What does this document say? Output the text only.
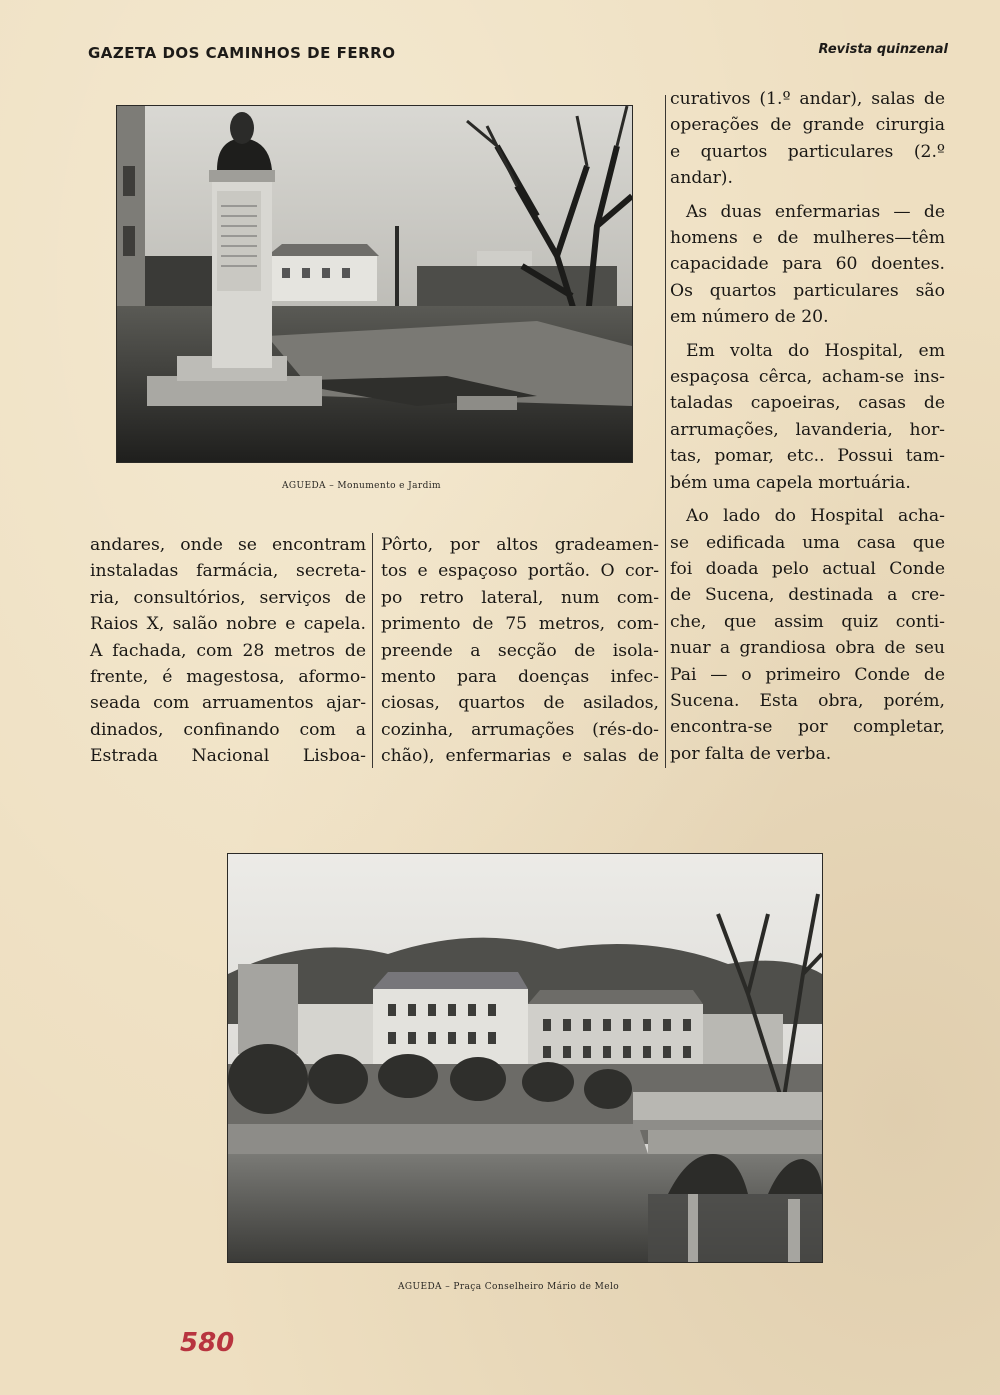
GAZETA DOS CAMINHOS DE FERRO	Revista quinzenal
AGUEDA – Monumento e Jardim
andares, onde se encontram
instaladas farmácia, secreta-
ria, consultórios, serviços de
Raios X, salão nobre e capela.
A fachada, com 28 metros de
frente, é magestosa, aformo-
seada com arruamentos ajar-
dinados, confinando com a
Estrada Nacional Lisboa-
Pôrto, por altos gradeamen-
tos e espaçoso portão. O cor-
po retro lateral, num com-
primento de 75 metros, com-
preende a secção de isola-
mento para doenças infec-
ciosas, quartos de asilados,
cozinha, arrumações (rés-do-
chão), enfermarias e salas de
curativos (1.º andar), salas de
operações de grande cirurgia
e quartos particulares (2.º
andar).
As duas enfermarias — de
homens e de mulheres—têm
capacidade para 60 doentes.
Os quartos particulares são
em número de 20.
Em volta do Hospital, em
espaçosa cêrca, acham-se ins-
taladas capoeiras, casas de
arrumações, lavanderia, hor-
tas, pomar, etc.. Possui tam-
bém uma capela mortuária.
Ao lado do Hospital acha-
se edificada uma casa que
foi doada pelo actual Conde
de Sucena, destinada a cre-
che, que assim quiz conti-
nuar a grandiosa obra de seu
Pai — o primeiro Conde de
Sucena. Esta obra, porém,
encontra-se por completar,
por falta de verba.
AGUEDA – Praça Conselheiro Mário de Melo
580
